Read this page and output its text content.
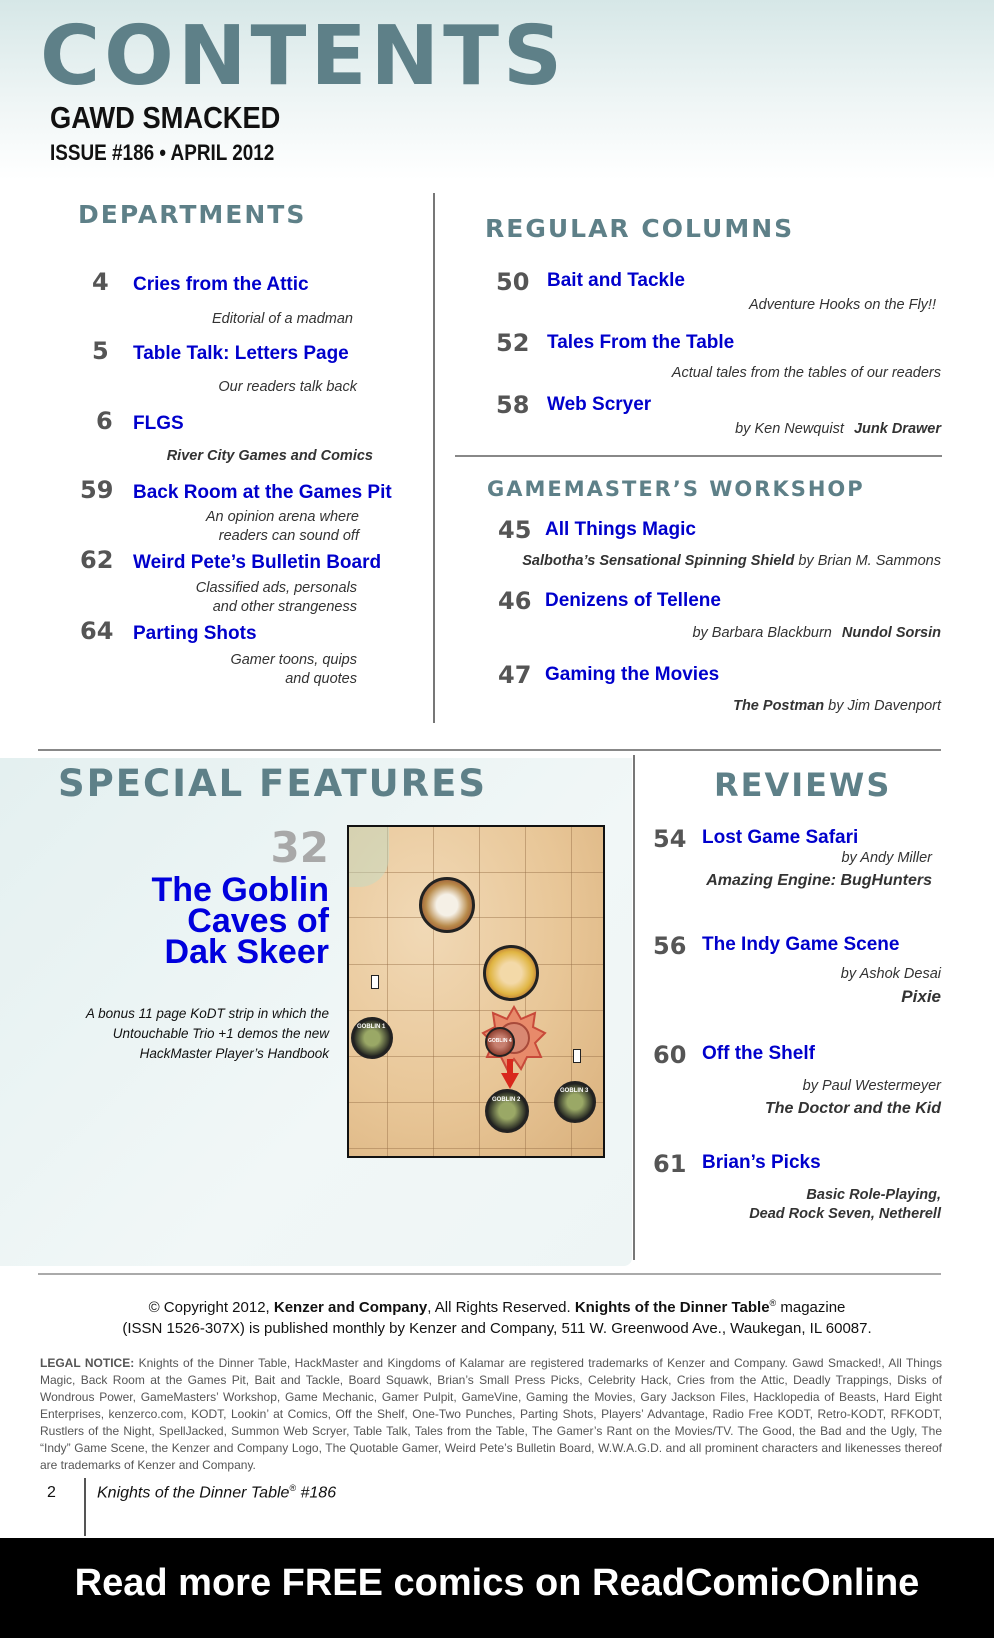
CONTENTS
GAWD SMACKED
ISSUE #186 • APRIL 2012
DEPARTMENTS
4 Cries from the Attic
Editorial of a madman
5 Table Talk: Letters Page
Our readers talk back
6 FLGS
River City Games and Comics
59 Back Room at the Games Pit
An opinion arena where
readers can sound off
62 Weird Pete’s Bulletin Board
Classified ads, personals
and other strangeness
64 Parting Shots
Gamer toons, quips
and quotes
REGULAR COLUMNS
50 Bait and Tackle
Adventure Hooks on the Fly!!
52 Tales From the Table
Actual tales from the tables of our readers
58 Web Scryer
by Ken Newquist Junk Drawer
GAMEMASTER’S WORKSHOP
45 All Things Magic
Salbotha’s Sensational Spinning Shield by Brian M. Sammons
46 Denizens of Tellene
by Barbara Blackburn Nundol Sorsin
47 Gaming the Movies
The Postman by Jim Davenport
SPECIAL FEATURES
32
The Goblin
Caves of
Dak Skeer
A bonus 11 page KoDT strip in which the
Untouchable Trio +1 demos the new
HackMaster Player’s Handbook
GOBLIN 1
GOBLIN 2
GOBLIN 3
GOBLIN 4
REVIEWS
54 Lost Game Safari
by Andy Miller
Amazing Engine: BugHunters
56 The Indy Game Scene
by Ashok Desai
Pixie
60 Off the Shelf
by Paul Westermeyer
The Doctor and the Kid
61 Brian’s Picks
Basic Role-Playing,
Dead Rock Seven, Netherell
© Copyright 2012, Kenzer and Company, All Rights Reserved. Knights of the Dinner Table® magazine
(ISSN 1526-307X) is published monthly by Kenzer and Company, 511 W. Greenwood Ave., Waukegan, IL 60087.
LEGAL NOTICE: Knights of the Dinner Table, HackMaster and Kingdoms of Kalamar are registered trademarks of Kenzer and Company. Gawd Smacked!, All Things Magic, Back Room at the Games Pit, Bait and Tackle, Board Squawk, Brian’s Small Press Picks, Celebrity Hack, Cries from the Attic, Deadly Trappings, Disks of Wondrous Power, GameMasters’ Workshop, Game Mechanic, Gamer Pulpit, GameVine, Gaming the Movies, Gary Jackson Files, Hacklopedia of Beasts, Hard Eight Enterprises, kenzerco.com, KODT, Lookin’ at Comics, Off the Shelf, One-Two Punches, Parting Shots, Players’ Advantage, Radio Free KODT, Retro-KODT, RFKODT, Rustlers of the Night, SpellJacked, Summon Web Scryer, Table Talk, Tales from the Table, The Gamer’s Rant on the Movies/TV. The Good, the Bad and the Ugly, The “Indy” Game Scene, the Kenzer and Company Logo, The Quotable Gamer, Weird Pete’s Bulletin Board, W.W.A.G.D. and all prominent characters and likenesses thereof are trademarks of Kenzer and Company.
2	Knights of the Dinner Table® #186
Read more FREE comics on ReadComicOnline
